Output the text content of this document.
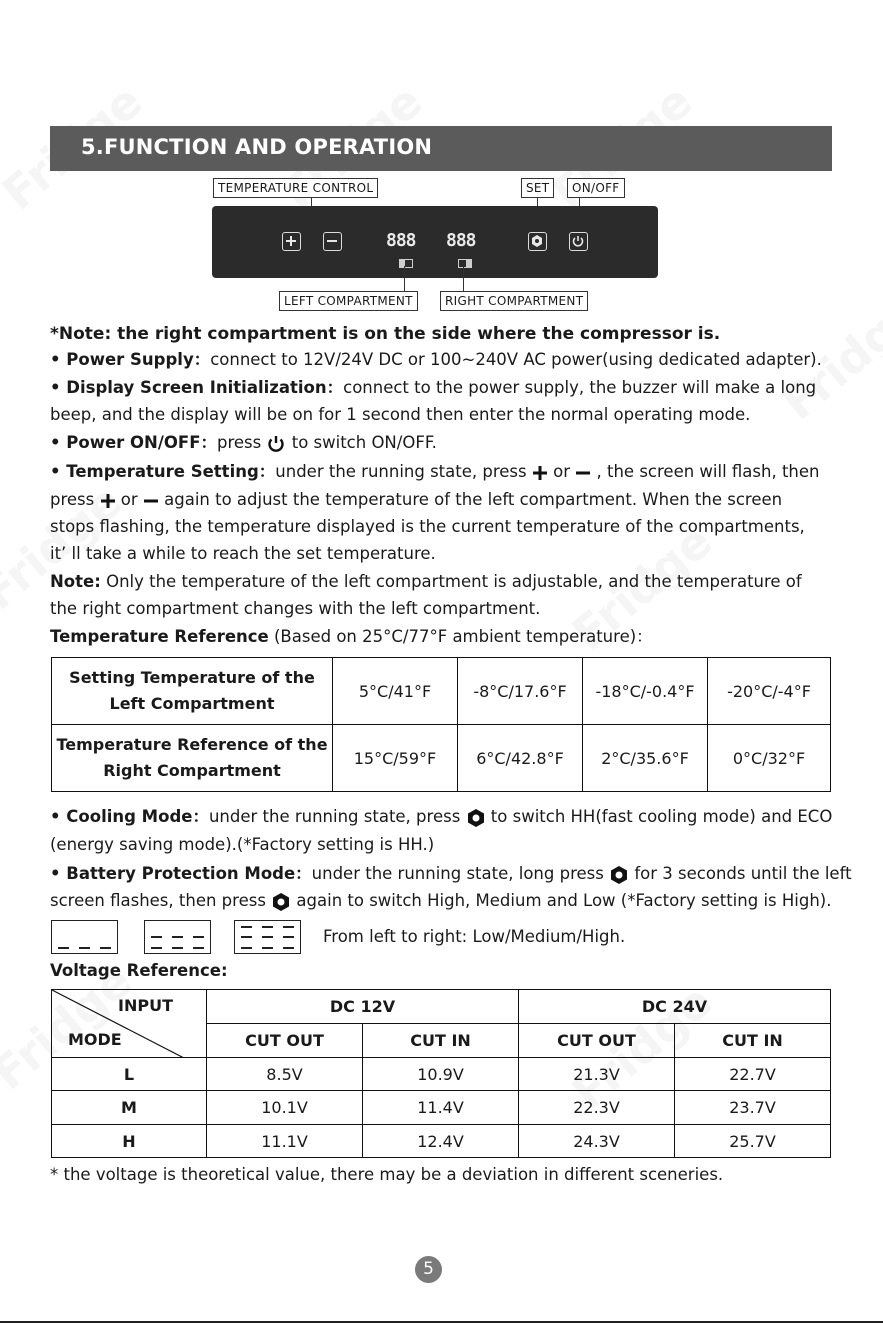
5.FUNCTION AND OPERATION
TEMPERATURE CONTROL	SET	ON/OFF
888 888
LEFT COMPARTMENT	RIGHT COMPARTMENT
*Note: the right compartment is on the side where the compressor is.
• Power Supply：connect to 12V/24V DC or 100~240V AC power(using dedicated adapter).
• Display Screen Initialization：connect to the power supply, the buzzer will make a long
beep, and the display will be on for 1 second then enter the normal operating mode.
• Power ON/OFF：press to switch ON/OFF.
• Temperature Setting：under the running state, press or , the screen will flash, then
press or again to adjust the temperature of the left compartment. When the screen
stops flashing, the temperature displayed is the current temperature of the compartments,
it’ ll take a while to reach the set temperature.
Note: Only the temperature of the left compartment is adjustable, and the temperature of
the right compartment changes with the left compartment.
Temperature Reference (Based on 25°C/77°F ambient temperature)：
Setting Temperature of the
Left Compartment	5°C/41°F	-8°C/17.6°F	-18°C/-0.4°F	-20°C/-4°F
Temperature Reference of the
Right Compartment	15°C/59°F	6°C/42.8°F	2°C/35.6°F	0°C/32°F
• Cooling Mode：under the running state, press to switch HH(fast cooling mode) and ECO
(energy saving mode).(*Factory setting is HH.)
• Battery Protection Mode：under the running state, long press for 3 seconds until the left
screen flashes, then press again to switch High, Medium and Low (*Factory setting is High).
From left to right: Low/Medium/High.
Voltage Reference:
INPUT
MODE	DC 12V		DC 24V	
	CUT OUT	CUT IN	CUT OUT	CUT IN
L	8.5V	10.9V	21.3V	22.7V
M	10.1V	11.4V	22.3V	23.7V
H	11.1V	12.4V	24.3V	25.7V
* the voltage is theoretical value, there may be a deviation in different sceneries.
5
